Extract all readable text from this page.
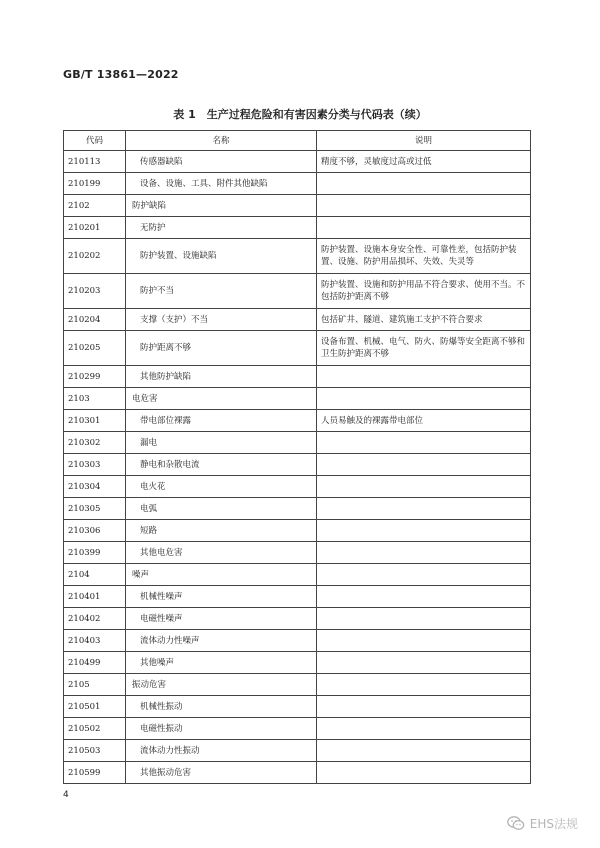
GB/T 13861—2022
表 1　生产过程危险和有害因素分类与代码表（续）
代码	名称	说明
210113	传感器缺陷	精度不够，灵敏度过高或过低
210199	设备、设施、工具、附件其他缺陷	
2102	防护缺陷	
210201	无防护	
210202	防护装置、设施缺陷	防护装置、设施本身安全性、可靠性差，包括防护装置、设施、防护用品损坏、失效、失灵等
210203	防护不当	防护装置、设施和防护用品不符合要求、使用不当。不包括防护距离不够
210204	支撑（支护）不当	包括矿井、隧道、建筑施工支护不符合要求
210205	防护距离不够	设备布置、机械、电气、防火、防爆等安全距离不够和卫生防护距离不够
210299	其他防护缺陷	
2103	电危害	
210301	带电部位裸露	人员易触及的裸露带电部位
210302	漏电	
210303	静电和杂散电流	
210304	电火花	
210305	电弧	
210306	短路	
210399	其他电危害	
2104	噪声	
210401	机械性噪声	
210402	电磁性噪声	
210403	流体动力性噪声	
210499	其他噪声	
2105	振动危害	
210501	机械性振动	
210502	电磁性振动	
210503	流体动力性振动	
210599	其他振动危害	
4
EHS法规
